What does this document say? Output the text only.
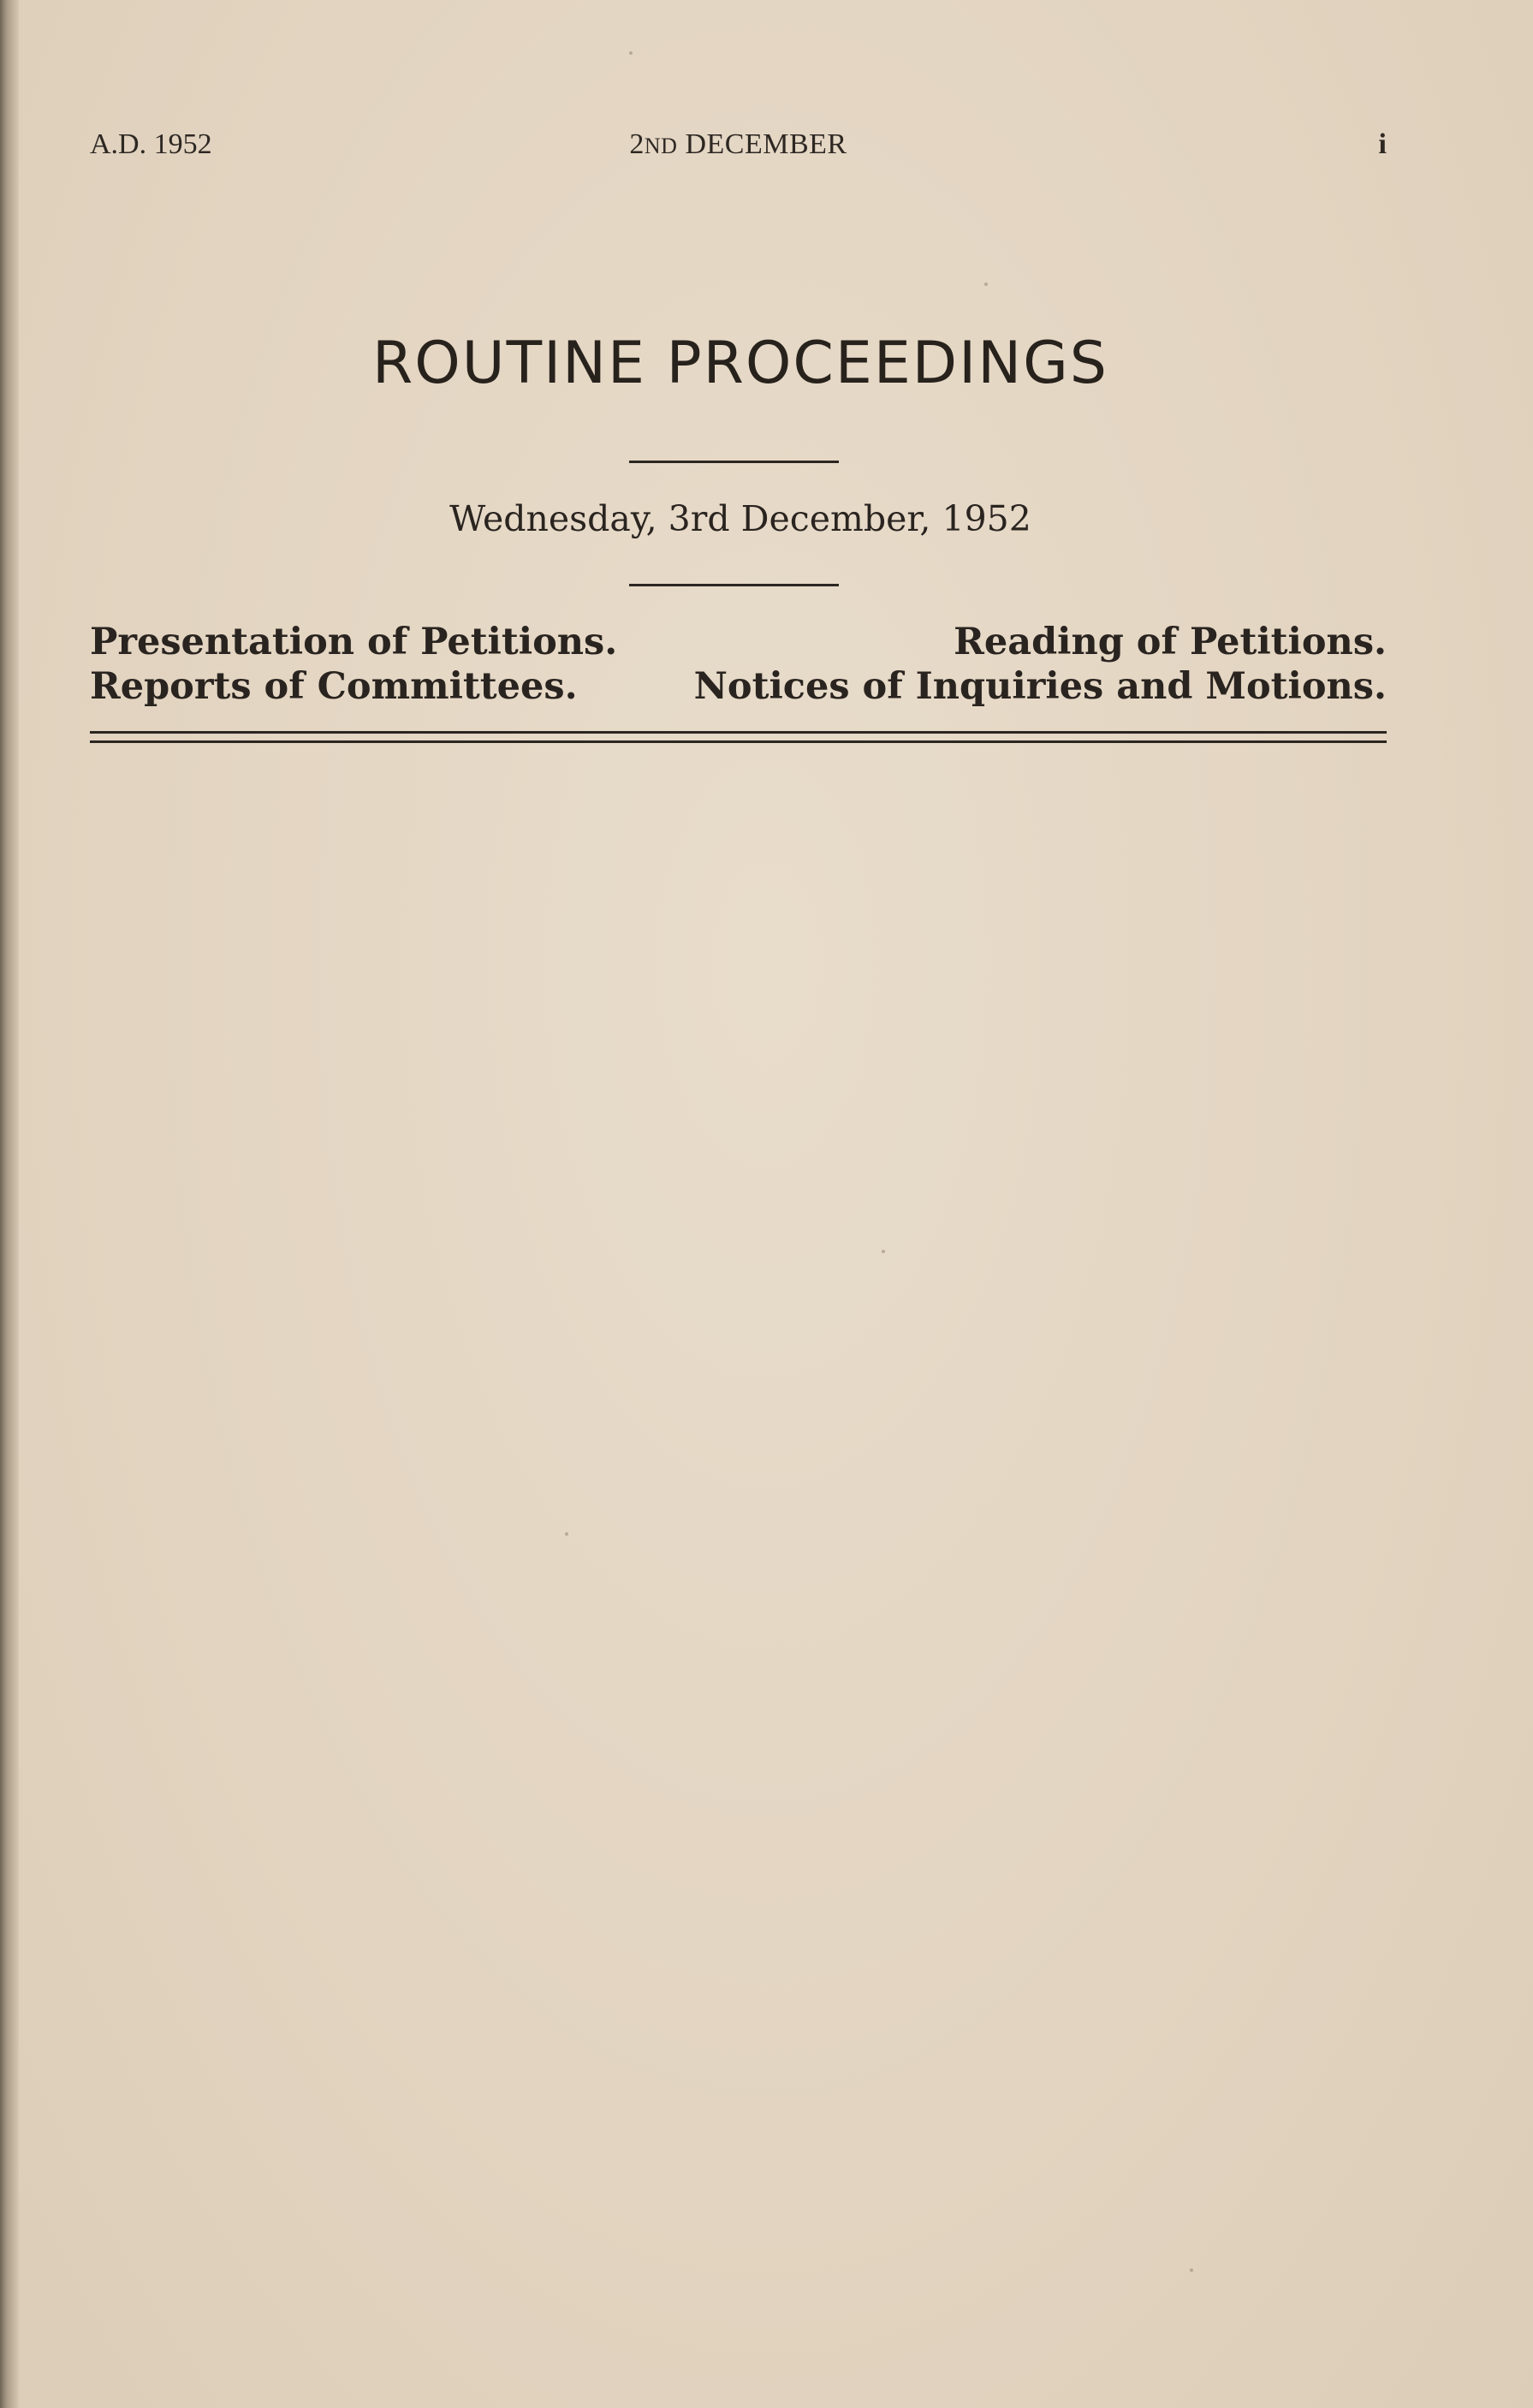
A.D. 1952	2ND DECEMBER	i
ROUTINE PROCEEDINGS
Wednesday, 3rd December, 1952
Presentation of Petitions.	Reading of Petitions.
Reports of Committees.	Notices of Inquiries and Motions.
